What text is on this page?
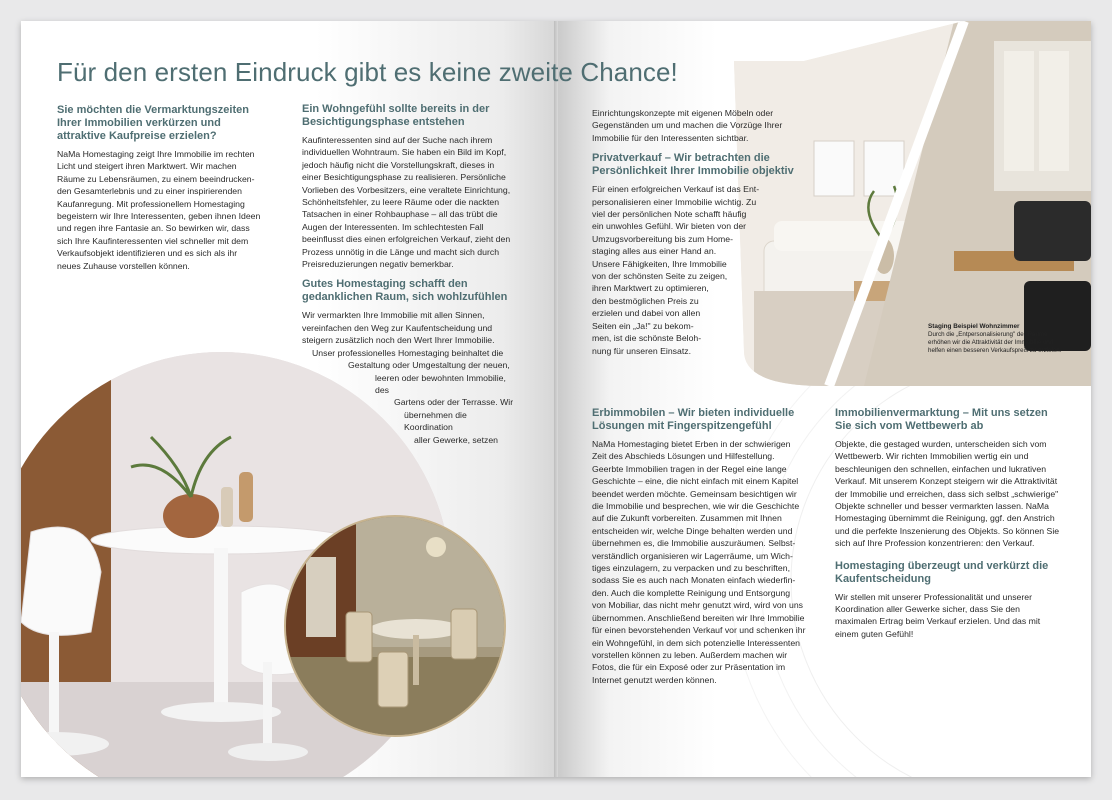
Für den ersten Eindruck gibt es keine zweite Chance!
Sie möchten die Vermarktungszeiten Ihrer Immobilien verkürzen und attraktive Kaufpreise erzielen?

NaMa Homestaging zeigt Ihre Immobilie im rechten Licht und steigert ihren Marktwert. Wir machen Räume zu Lebensräumen, zu einem beeindrucken-den Gesamterlebnis und zu einer inspirierenden Kaufanregung. Mit professionellem Homestaging begeistern wir Ihre Interessenten, geben ihnen Ideen und regen ihre Fantasie an. So bewirken wir, dass sich Ihre Kaufinteressenten viel schneller mit dem Verkaufsobjekt identifizieren und es sich als ihr neues Zuhause vorstellen können.

Ein Wohngefühl sollte bereits in der Besichtigungsphase entstehen

Kaufinteressenten sind auf der Suche nach ihrem individuellen Wohntraum. Sie haben ein Bild im Kopf, jedoch häufig nicht die Vorstellungskraft, dieses in einer Besichtigungsphase zu realisieren. Persönliche Vorlieben des Vorbesitzers, eine veraltete Einrichtung, Schönheitsfehler, zu leere Räume oder die nackten Tatsachen in einer Rohbauphase – all das trübt die Augen der Interessenten. Im schlechtesten Fall beeinflusst dies einen erfolgreichen Verkauf, zieht den Prozess unnötig in die Länge und macht sich durch Preisreduzierungen negativ bemerkbar.

Gutes Homestaging schafft den gedanklichen Raum, sich wohlzufühlen
Wir vermarkten Ihre Immobilie mit allen Sinnen,
vereinfachen den Weg zur Kaufentscheidung und
steigern zusätzlich noch den Wert Ihrer Immobilie.
Unser professionelles Homestaging beinhaltet die
Gestaltung oder Umgestaltung der neuen,
leeren oder bewohnten Immobilie, des
Gartens oder der Terrasse. Wir
übernehmen die Koordination
aller Gewerke, setzen

Einrichtungskonzepte mit eigenen Möbeln oder Gegenständen um und machen die Vorzüge Ihrer Immobilie für den Interessenten sichtbar.

Privatverkauf – Wir betrachten die Persönlichkeit Ihrer Immobilie objektiv
Für einen erfolgreichen Verkauf ist das Ent-
personalisieren einer Immobilie wichtig. Zu
viel der persönlichen Note schafft häufig
ein unwohles Gefühl. Wir bieten von der
Umzugsvorbereitung bis zum Home-
staging alles aus einer Hand an.
Unsere Fähigkeiten, Ihre Immobilie
von der schönsten Seite zu zeigen,
ihren Marktwert zu optimieren,
den bestmöglichen Preis zu
erzielen und dabei von allen
Seiten ein „Ja!" zu bekom-
men, ist die schönste Beloh-
nung für unseren Einsatz.
Erbimmobilen – Wir bieten individuelle Lösungen mit Fingerspitzengefühl

NaMa Homestaging bietet Erben in der schwierigen Zeit des Abschieds Lösungen und Hilfestellung. Geerbte Immobilien tragen in der Regel eine lange Geschichte – eine, die nicht einfach mit einem Kapitel beendet werden möchte. Gemeinsam besichtigen wir die Immobilie und besprechen, wie wir die Geschichte auf die Zukunft vorbereiten. Zusammen mit Ihnen entscheiden wir, welche Dinge behalten werden und übernehmen es, die Immobilie auszuräumen. Selbst-verständlich organisieren wir Lagerräume, um Wich-tiges einzulagern, zu verpacken und zu beschriften, sodass Sie es auch nach Monaten einfach wiederfin-den. Auch die komplette Reinigung und Entsorgung von Mobiliar, das nicht mehr genutzt wird, wird von uns übernommen. Anschließend bereiten wir Ihre Immobilie für einen bevorstehenden Verkauf vor und schenken ihr ein Wohngefühl, in dem sich potenzielle Interessenten vorstellen können zu leben. Außerdem machen wir Fotos, die für ein Exposé oder zur Präsentation im Internet genutzt werden können.

Immobilienvermarktung – Mit uns setzen Sie sich vom Wettbewerb ab

Objekte, die gestaged wurden, unterscheiden sich vom Wettbewerb. Wir richten Immobilien wertig ein und beschleunigen den schnellen, einfachen und lukrativen Verkauf. Mit unserem Konzept steigern wir die Attraktivität der Immobilie und erreichen, dass sich selbst „schwierige" Objekte schneller und besser vermarkten lassen. NaMa Homestaging übernimmt die Reinigung, ggf. den Anstrich und die perfekte Inszenierung des Objekts. So können Sie sich auf Ihre Profession konzentrieren: den Verkauf.

Homestaging überzeugt und verkürzt die Kaufentscheidung

Wir stellen mit unserer Professionalität und unserer Koordination aller Gewerke sicher, dass Sie den maximalen Ertrag beim Verkauf erzielen. Und das mit einem guten Gefühl!

Staging Beispiel Wohnzimmer
Durch die „Entpersonalisierung" der Räume erhöhen wir die Attraktivität der Immobilie und helfen einen besseren Verkaufspreis zu erzielen.
